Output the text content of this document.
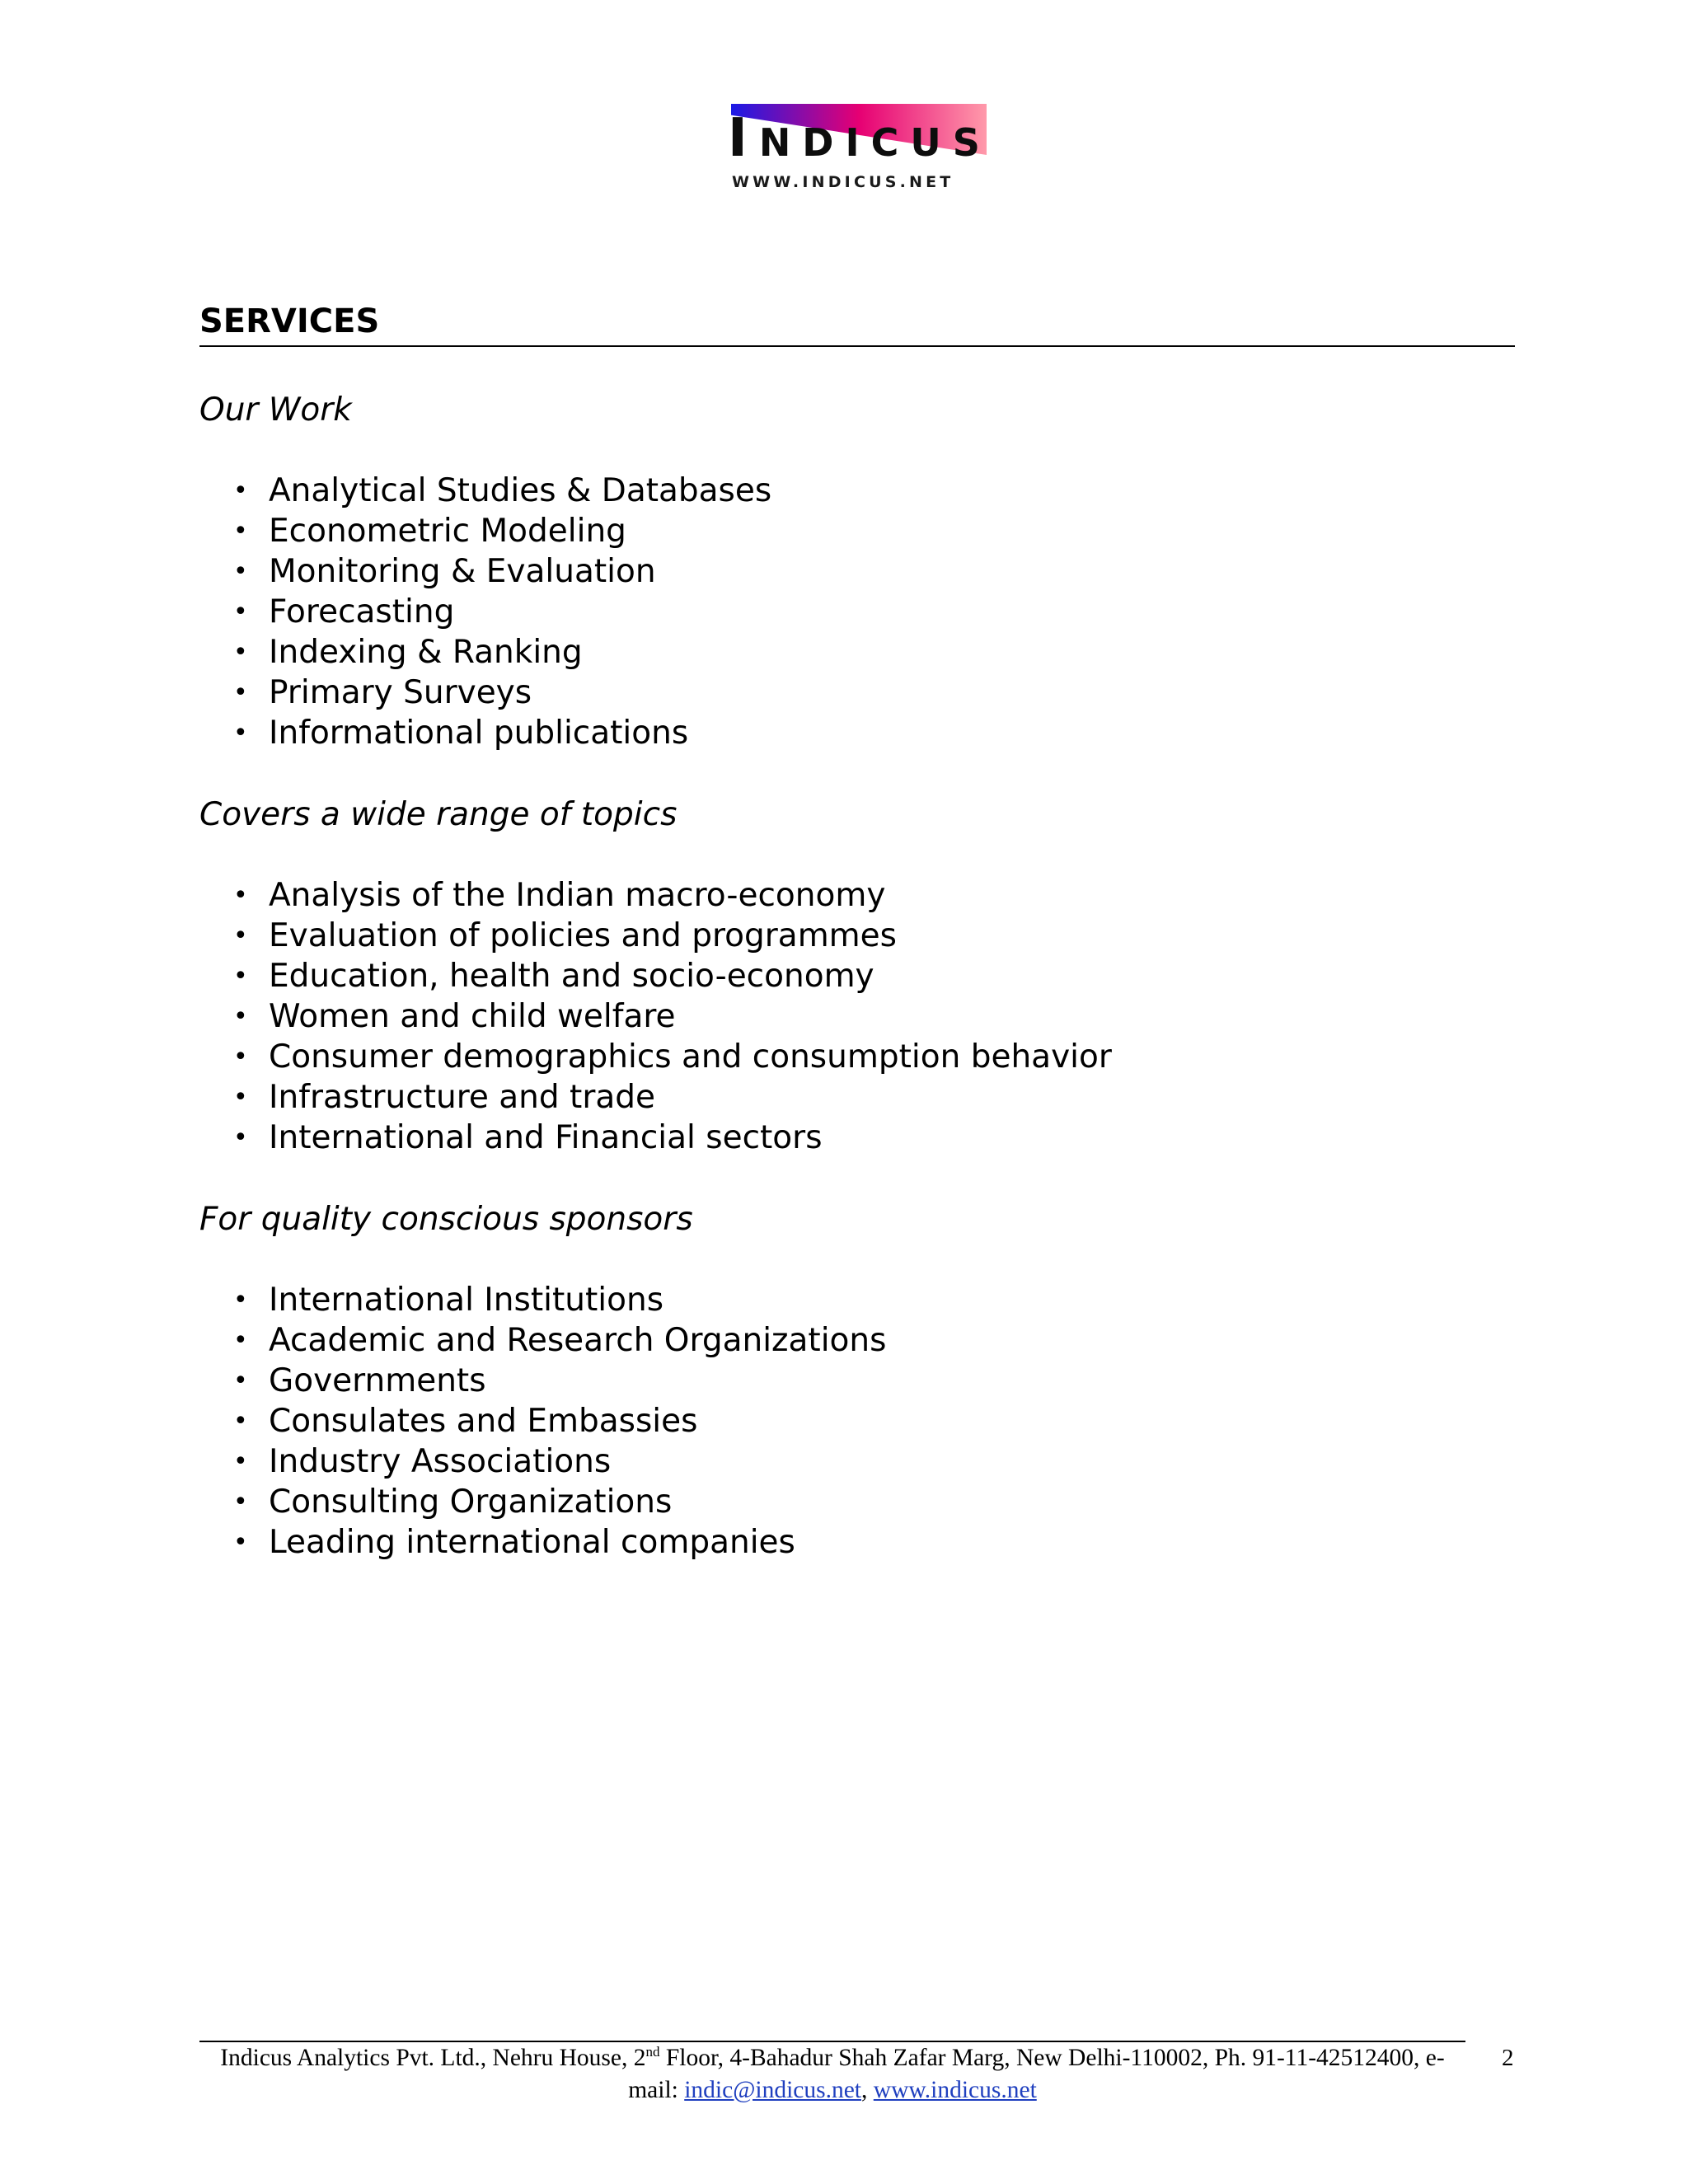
INDICUS
WWW.INDICUS.NET
SERVICES
Our Work
• Analytical Studies & Databases
• Econometric Modeling
• Monitoring & Evaluation
• Forecasting
• Indexing & Ranking
• Primary Surveys
• Informational publications
Covers a wide range of topics
• Analysis of the Indian macro-economy
• Evaluation of policies and programmes
• Education, health and socio-economy
• Women and child welfare
• Consumer demographics and consumption behavior
• Infrastructure and trade
• International and Financial sectors
For quality conscious sponsors
• International Institutions
• Academic and Research Organizations
• Governments
• Consulates and Embassies
• Industry Associations
• Consulting Organizations
• Leading international companies
Indicus Analytics Pvt. Ltd., Nehru House, 2nd Floor, 4-Bahadur Shah Zafar Marg, New Delhi-110002, Ph. 91-11-42512400, e-mail: indic@indicus.net, www.indicus.net
2
